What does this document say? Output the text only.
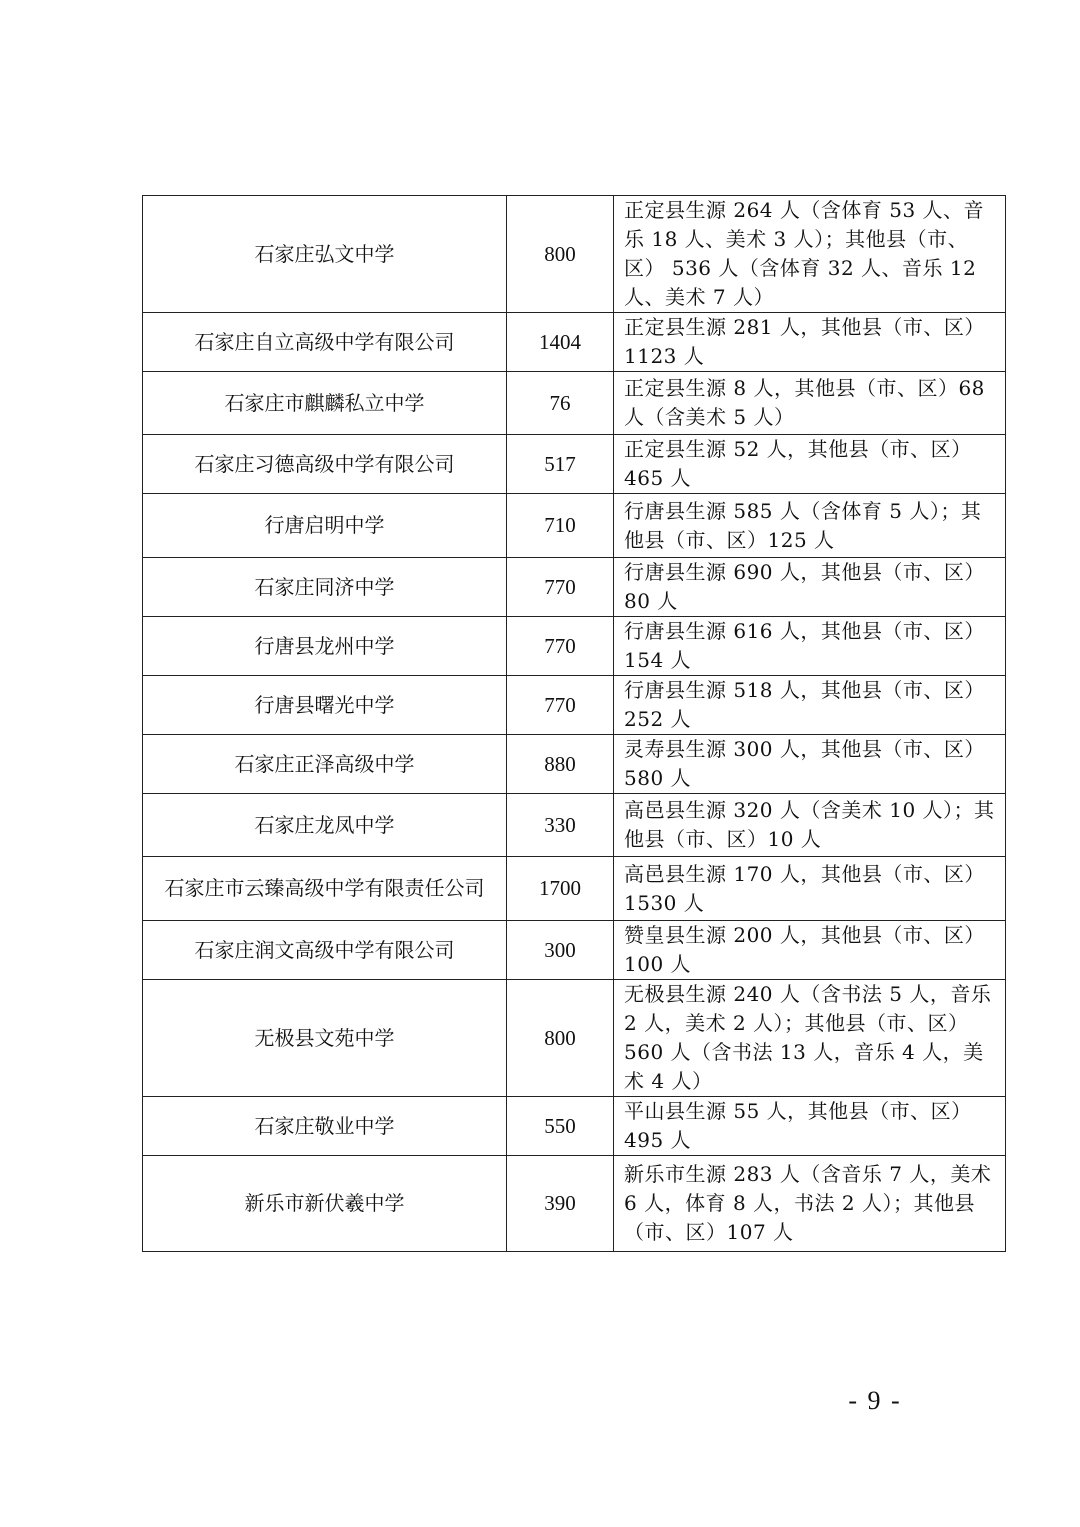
石家庄弘文中学	800	正定县生源 264 人（含体育 53 人、音乐 18 人、美术 3 人）；其他县（市、区） 536 人（含体育 32 人、音乐 12 人、美术 7 人）
石家庄自立高级中学有限公司	1404	正定县生源 281 人，其他县（市、区）1123 人
石家庄市麒麟私立中学	76	正定县生源 8 人，其他县（市、区）68 人（含美术 5 人）
石家庄习德高级中学有限公司	517	正定县生源 52 人，其他县（市、区）465 人
行唐启明中学	710	行唐县生源 585 人（含体育 5 人）；其他县（市、区）125 人
石家庄同济中学	770	行唐县生源 690 人，其他县（市、区）80 人
行唐县龙州中学	770	行唐县生源 616 人，其他县（市、区）154 人
行唐县曙光中学	770	行唐县生源 518 人，其他县（市、区）252 人
石家庄正泽高级中学	880	灵寿县生源 300 人，其他县（市、区）580 人
石家庄龙凤中学	330	高邑县生源 320 人（含美术 10 人）；其他县（市、区）10 人
石家庄市云臻高级中学有限责任公司	1700	高邑县生源 170 人，其他县（市、区）1530 人
石家庄润文高级中学有限公司	300	赞皇县生源 200 人，其他县（市、区）100 人
无极县文苑中学	800	无极县生源 240 人（含书法 5 人，音乐 2 人，美术 2 人）；其他县（市、区）560 人（含书法 13 人，音乐 4 人，美术 4 人）
石家庄敬业中学	550	平山县生源 55 人，其他县（市、区）495 人
新乐市新伏羲中学	390	新乐市生源 283 人（含音乐 7 人，美术 6 人，体育 8 人，书法 2 人）；其他县（市、区）107 人
- 9 -
